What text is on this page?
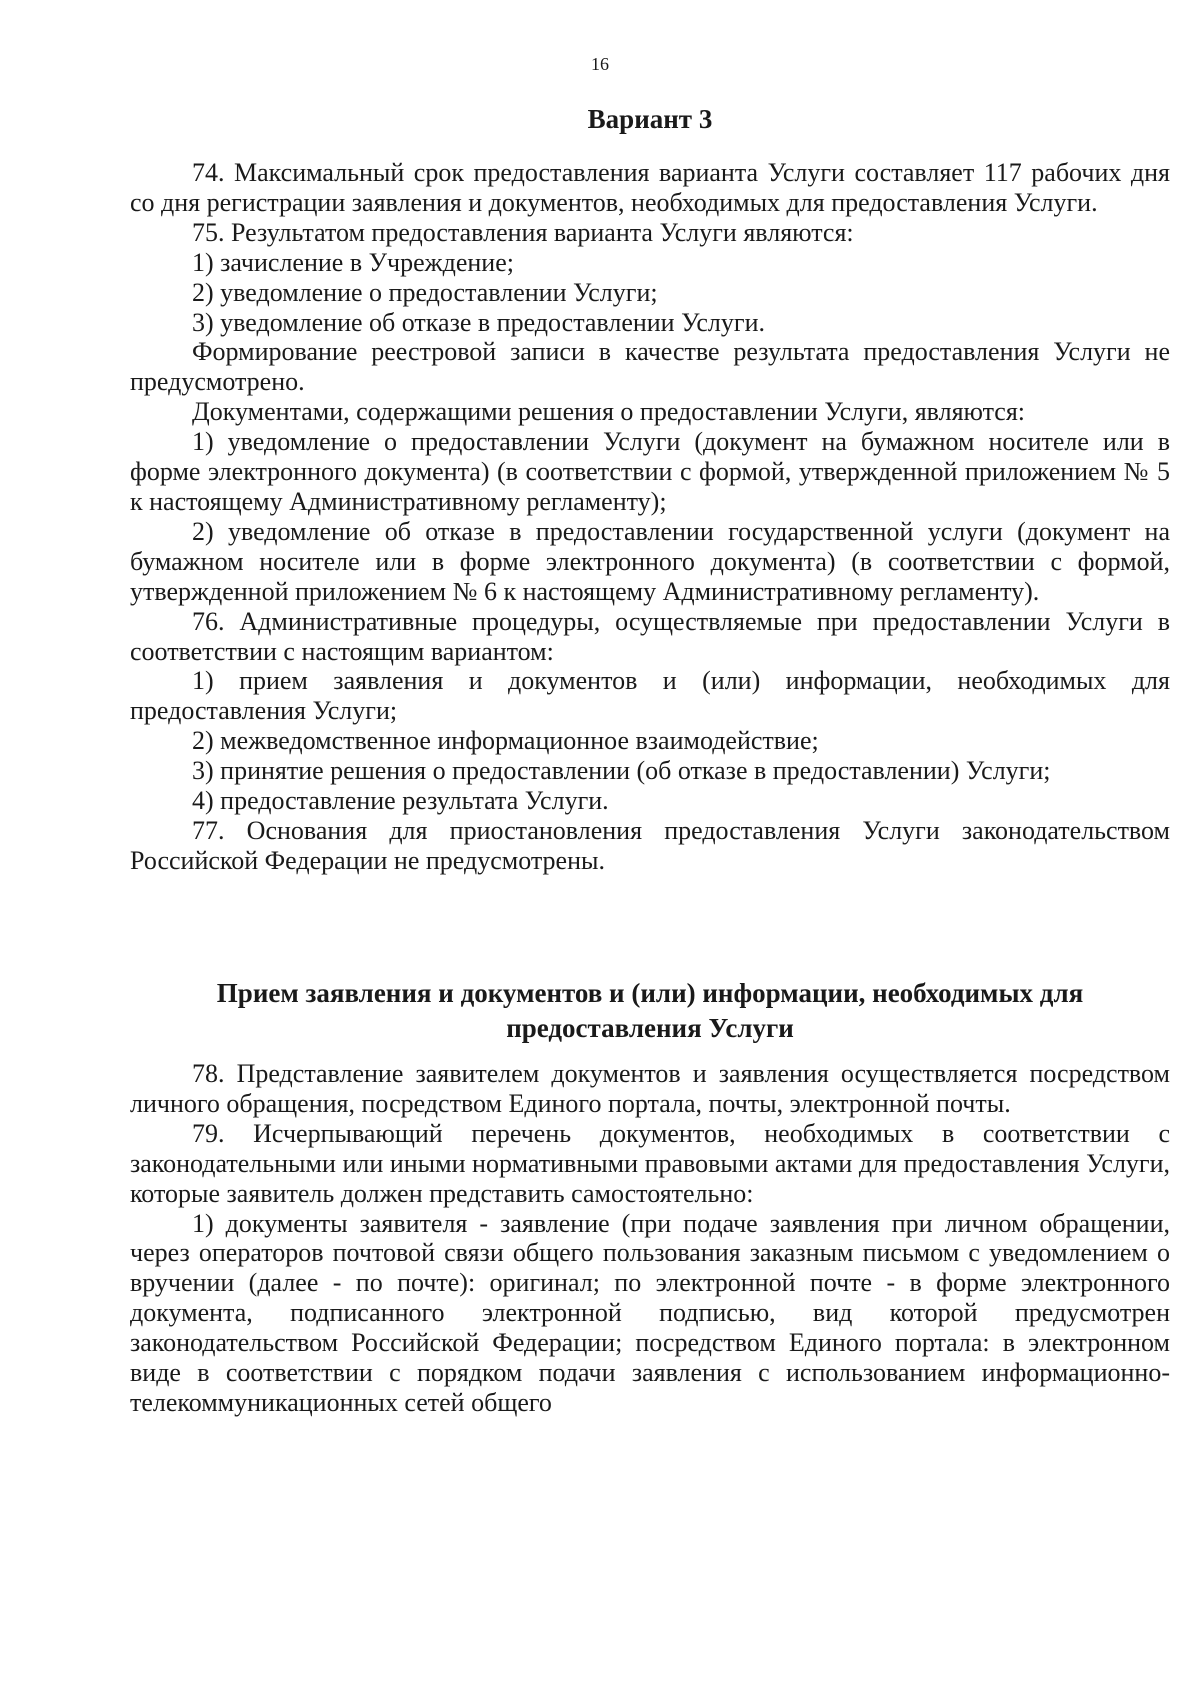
16
Вариант 3

74. Максимальный срок предоставления варианта Услуги составляет 117 рабочих дня со дня регистрации заявления и документов, необходимых для предоставления Услуги.

75. Результатом предоставления варианта Услуги являются:

1) зачисление в Учреждение;

2) уведомление о предоставлении Услуги;

3) уведомление об отказе в предоставлении Услуги.

Формирование реестровой записи в качестве результата предоставления Услуги не предусмотрено.

Документами, содержащими решения о предоставлении Услуги, являются:

1) уведомление о предоставлении Услуги (документ на бумажном носителе или в форме электронного документа) (в соответствии с формой, утвержденной приложением № 5 к настоящему Административному регламенту);

2) уведомление об отказе в предоставлении государственной услуги (документ на бумажном носителе или в форме электронного документа) (в соответствии с формой, утвержденной приложением № 6 к настоящему Административному регламенту).

76. Административные процедуры, осуществляемые при предоставлении Услуги в соответствии с настоящим вариантом:

1) прием заявления и документов и (или) информации, необходимых для предоставления Услуги;

2) межведомственное информационное взаимодействие;

3) принятие решения о предоставлении (об отказе в предоставлении) Услуги;

4) предоставление результата Услуги.

77. Основания для приостановления предоставления Услуги законодательством Российской Федерации не предусмотрены.

Прием заявления и документов и (или) информации, необходимых для
предоставления Услуги

78. Представление заявителем документов и заявления осуществляется посредством личного обращения, посредством Единого портала, почты, электронной почты.

79. Исчерпывающий перечень документов, необходимых в соответствии с законодательными или иными нормативными правовыми актами для предоставления Услуги, которые заявитель должен представить самостоятельно:

1) документы заявителя - заявление (при подаче заявления при личном обращении, через операторов почтовой связи общего пользования заказным письмом с уведомлением о вручении (далее - по почте): оригинал; по электронной почте - в форме электронного документа, подписанного электронной подписью, вид которой предусмотрен законодательством Российской Федерации; посредством Единого портала: в электронном виде в соответствии с порядком подачи заявления с использованием информационно-телекоммуникационных сетей общего
